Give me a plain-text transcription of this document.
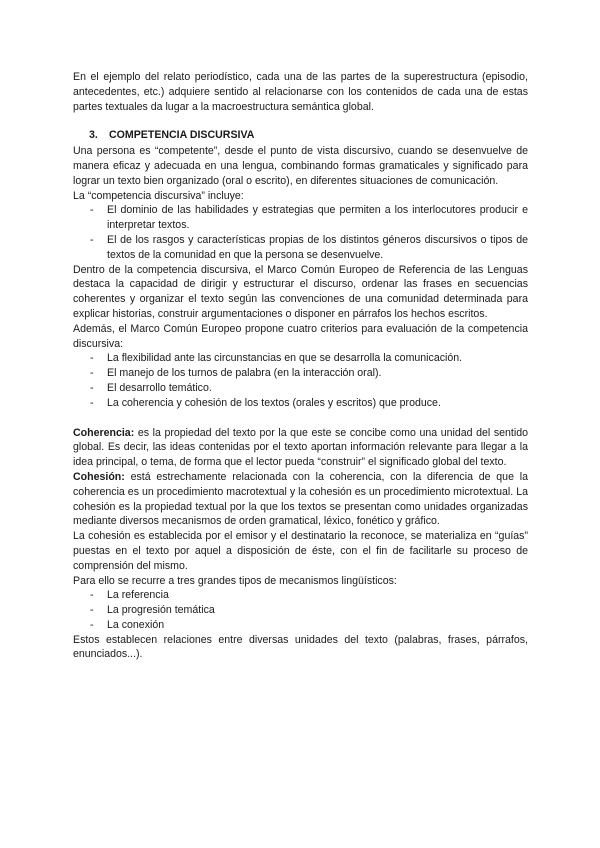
En el ejemplo del relato periodístico, cada una de las partes de la superestructura (episodio, antecedentes, etc.) adquiere sentido al relacionarse con los contenidos de cada una de estas partes textuales da lugar a la macroestructura semántica global.

3. COMPETENCIA DISCURSIVA

Una persona es “competente”, desde el punto de vista discursivo, cuando se desenvuelve de manera eficaz y adecuada en una lengua, combinando formas gramaticales y significado para lograr un texto bien organizado (oral o escrito), en diferentes situaciones de comunicación.

La “competencia discursiva” incluye:

- El dominio de las habilidades y estrategias que permiten a los interlocutores producir e interpretar textos.
- El de los rasgos y características propias de los distintos géneros discursivos o tipos de textos de la comunidad en que la persona se desenvuelve.

Dentro de la competencia discursiva, el Marco Común Europeo de Referencia de las Lenguas destaca la capacidad de dirigir y estructurar el discurso, ordenar las frases en secuencias coherentes y organizar el texto según las convenciones de una comunidad determinada para explicar historias, construir argumentaciones o disponer en párrafos los hechos escritos.

Además, el Marco Común Europeo propone cuatro criterios para evaluación de la competencia discursiva:

- La flexibilidad ante las circunstancias en que se desarrolla la comunicación.
- El manejo de los turnos de palabra (en la interacción oral).
- El desarrollo temático.
- La coherencia y cohesión de los textos (orales y escritos) que produce.

Coherencia: es la propiedad del texto por la que este se concibe como una unidad del sentido global. Es decir, las ideas contenidas por el texto aportan información relevante para llegar a la idea principal, o tema, de forma que el lector pueda “construir” el significado global del texto.

Cohesión: está estrechamente relacionada con la coherencia, con la diferencia de que la coherencia es un procedimiento macrotextual y la cohesión es un procedimiento microtextual. La cohesión es la propiedad textual por la que los textos se presentan como unidades organizadas mediante diversos mecanismos de orden gramatical, léxico, fonético y gráfico.

La cohesión es establecida por el emisor y el destinatario la reconoce, se materializa en “guías” puestas en el texto por aquel a disposición de éste, con el fin de facilitarle su proceso de comprensión del mismo.

Para ello se recurre a tres grandes tipos de mecanismos lingüísticos:

- La referencia
- La progresión temática
- La conexión

Estos establecen relaciones entre diversas unidades del texto (palabras, frases, párrafos, enunciados...).
